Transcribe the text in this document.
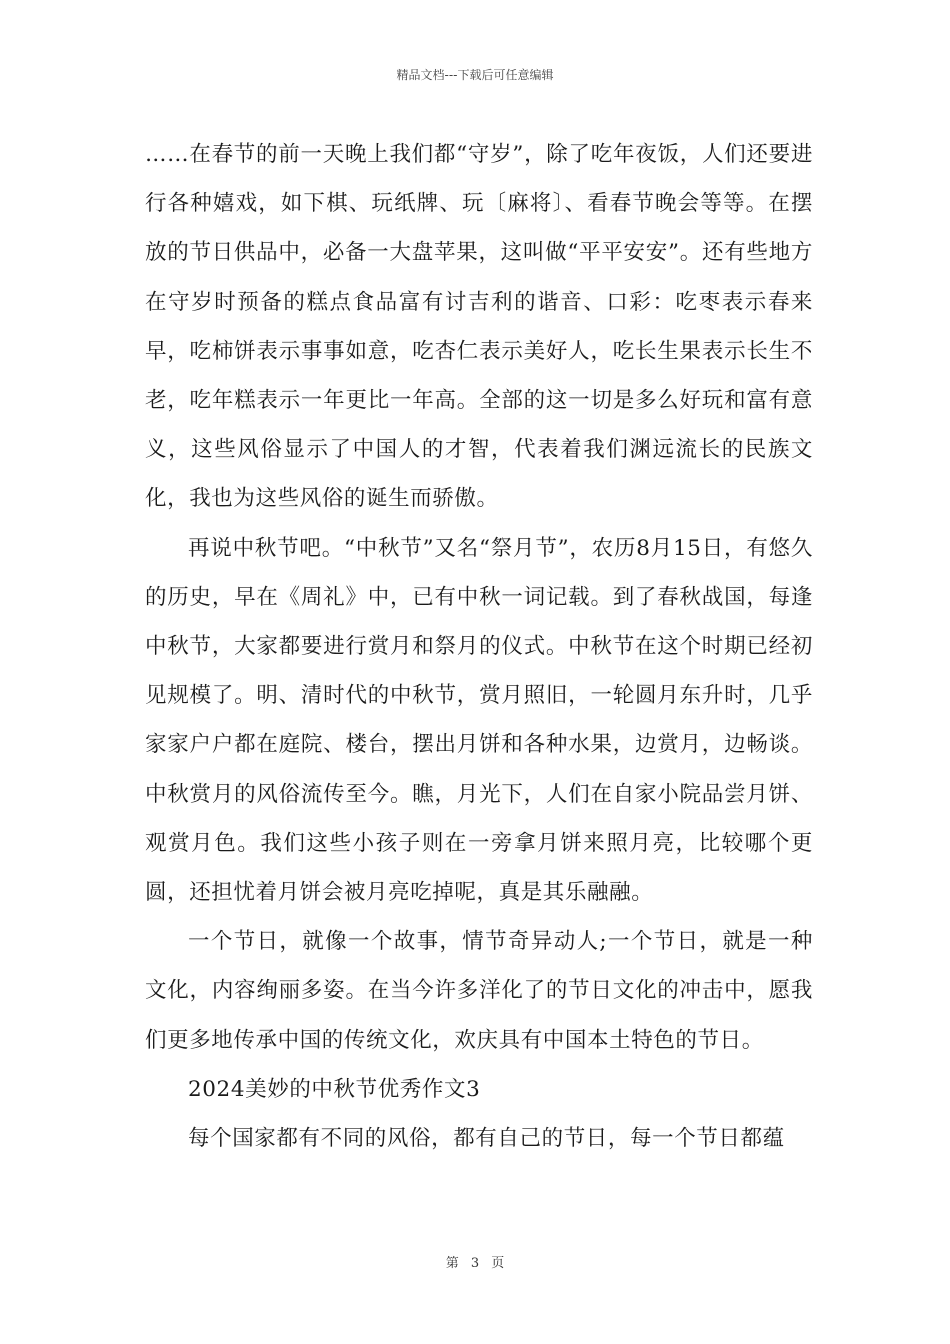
精品文档---下载后可任意编辑

……在春节的前一天晚上我们都“守岁”，除了吃年夜饭，人们还要进行各种嬉戏，如下棋、玩纸牌、玩〔麻将〕、看春节晚会等等。在摆放的节日供品中，必备一大盘苹果，这叫做“平平安安”。还有些地方在守岁时预备的糕点食品富有讨吉利的谐音、口彩：吃枣表示春来早，吃柿饼表示事事如意，吃杏仁表示美好人，吃长生果表示长生不老，吃年糕表示一年更比一年高。全部的这一切是多么好玩和富有意义，这些风俗显示了中国人的才智，代表着我们渊远流长的民族文化，我也为这些风俗的诞生而骄傲。

再说中秋节吧。“中秋节”又名“祭月节”，农历8月15日，有悠久的历史，早在《周礼》中，已有中秋一词记载。到了春秋战国，每逢中秋节，大家都要进行赏月和祭月的仪式。中秋节在这个时期已经初见规模了。明、清时代的中秋节，赏月照旧，一轮圆月东升时，几乎家家户户都在庭院、楼台，摆出月饼和各种水果，边赏月，边畅谈。中秋赏月的风俗流传至今。瞧，月光下，人们在自家小院品尝月饼、观赏月色。我们这些小孩子则在一旁拿月饼来照月亮，比较哪个更圆，还担忧着月饼会被月亮吃掉呢，真是其乐融融。

一个节日，就像一个故事，情节奇异动人;一个节日，就是一种文化，内容绚丽多姿。在当今许多洋化了的节日文化的冲击中，愿我们更多地传承中国的传统文化，欢庆具有中国本土特色的节日。

2024美妙的中秋节优秀作文3

每个国家都有不同的风俗，都有自己的节日，每一个节日都蕴

第 3 页
